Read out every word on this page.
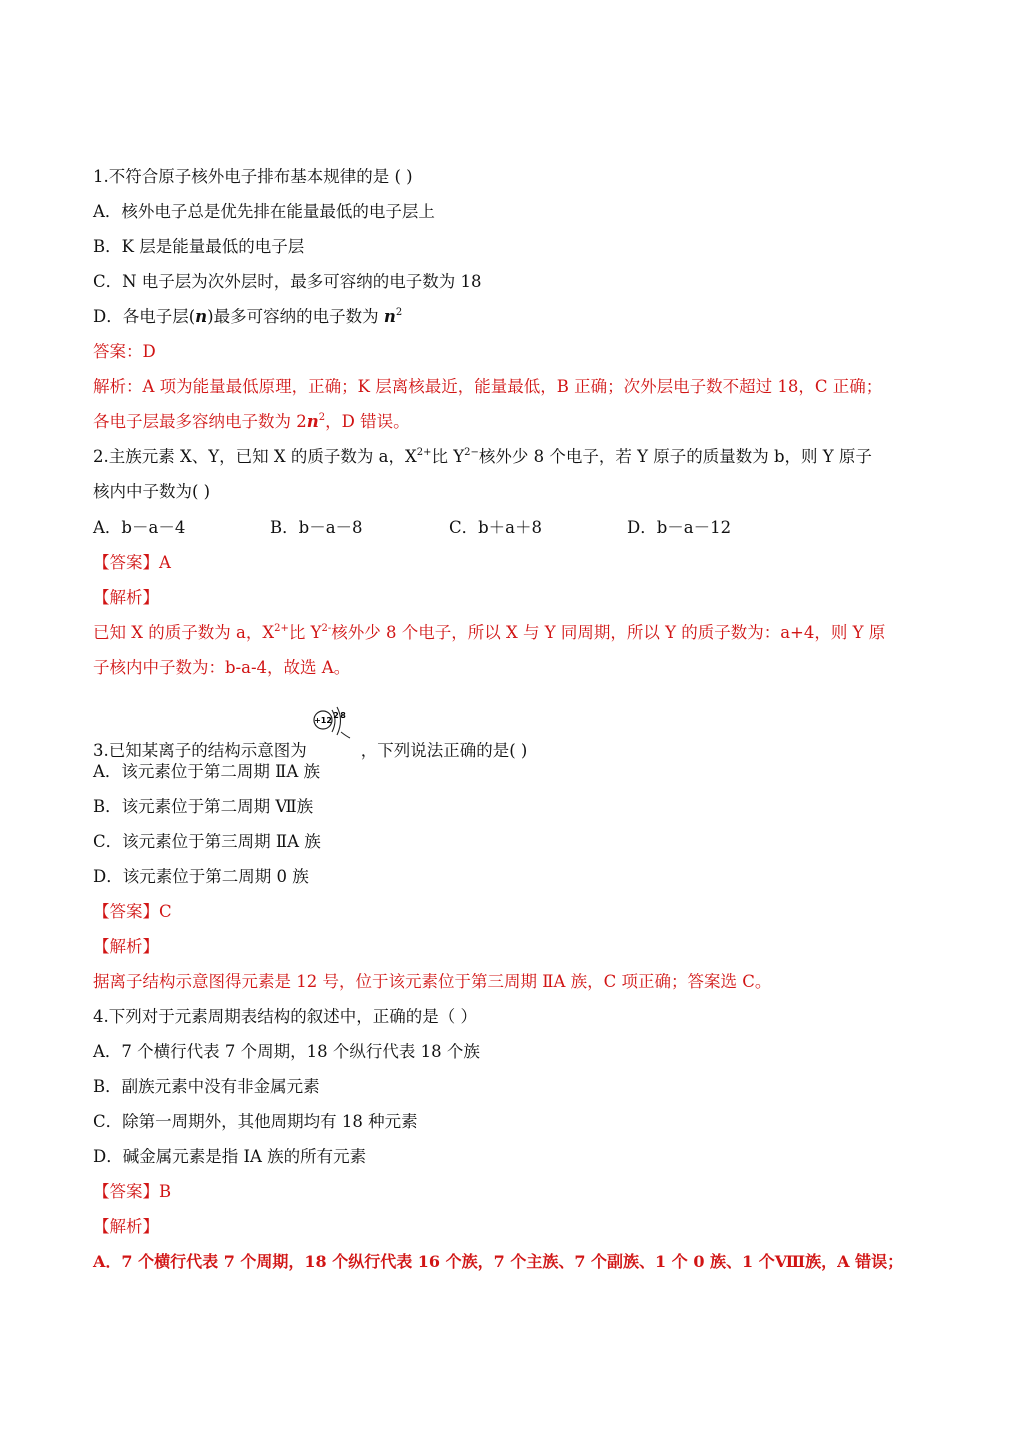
1.不符合原子核外电子排布基本规律的是 ( )
A．核外电子总是优先排在能量最低的电子层上
B．K 层是能量最低的电子层
C．N 电子层为次外层时，最多可容纳的电子数为 18
D．各电子层(n)最多可容纳的电子数为 $n^2$
答案：D
解析：A 项为能量最低原理，正确；K 层离核最近，能量最低，B 正确；次外层电子数不超过 18，C 正确；
各电子层最多容纳电子数为 $2n^2$，D 错误。
2.主族元素 X、Y，已知 X 的质子数为 a，$X^{2+}$比 $Y^{2-}$核外少 8 个电子，若 Y 原子的质量数为 b，则 Y 原子
核内中子数为( )
A．b－a－4	B．b－a－8	C．b＋a＋8	D．b－a－12
【答案】A
【解析】
已知 X 的质子数为 a，$X^{2+}$比 $Y^{2-}$核外少 8 个电子，所以 X 与 Y 同周期，所以 Y 的质子数为：a+4，则 Y 原
子核内中子数为：b-a-4，故选 A。
3.已知某离子的结构示意图为
+12
2 8
，下列说法正确的是( )
A．该元素位于第二周期 ⅡA 族
B．该元素位于第二周期 Ⅶ族
C．该元素位于第三周期 ⅡA 族
D．该元素位于第二周期 0 族
【答案】C
【解析】
据离子结构示意图得元素是 12 号，位于该元素位于第三周期 ⅡA 族，C 项正确；答案选 C。
4.下列对于元素周期表结构的叙述中，正确的是（ ）
A．7 个横行代表 7 个周期，18 个纵行代表 18 个族
B．副族元素中没有非金属元素
C．除第一周期外，其他周期均有 18 种元素
D．碱金属元素是指 ⅠA 族的所有元素
【答案】B
【解析】
A．7 个横行代表 7 个周期，18 个纵行代表 16 个族，7 个主族、7 个副族、1 个 0 族、1 个Ⅷ族，A 错误；
